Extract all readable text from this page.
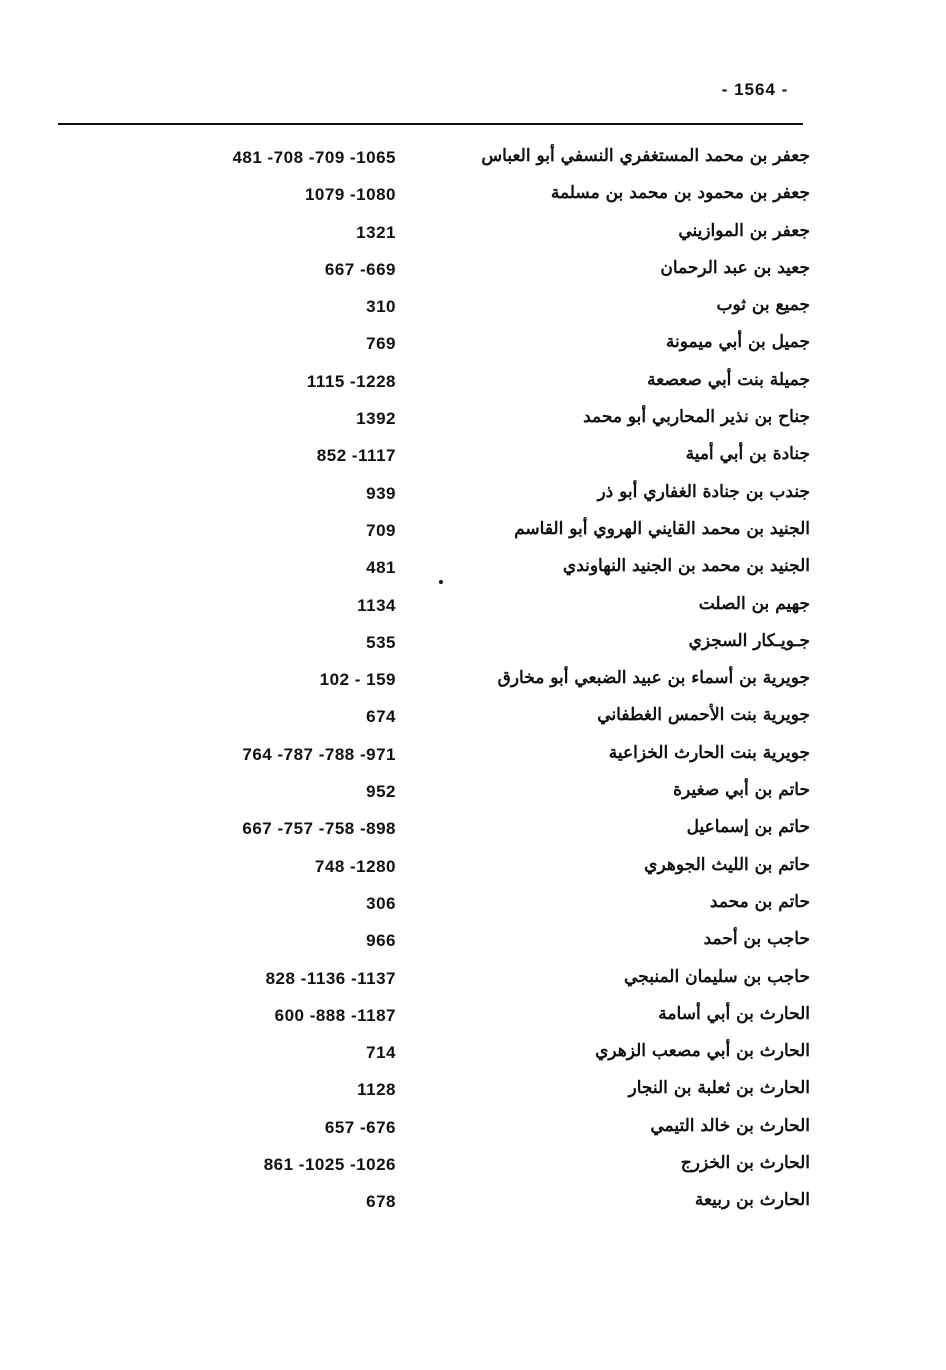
- 1564 -
جعفر بن محمد المستغفري النسفي أبو العباس
481 -708 -709 -1065
جعفر بن محمود بن محمد بن مسلمة
1079 -1080
جعفر بن الموازيني
1321
جعيد بن عبد الرحمان
667 -669
جميع بن ثوب
310
جميل بن أبي ميمونة
769
جميلة بنت أبي صعصعة
1115 -1228
جناح بن نذير المحاربي أبو محمد
1392
جنادة بن أبي أمية
852 -1117
جندب بن جنادة الغفاري أبو ذر
939
الجنيد بن محمد القايني الهروي أبو القاسم
709
الجنيد بن محمد بن الجنيد النهاوندي
481
جهيم بن الصلت
1134
جـويـكار السجزي
535
جويرية بن أسماء بن عبيد الضبعي أبو مخارق
102 - 159
جويرية بنت الأحمس الغطفاني
674
جويرية بنت الحارث الخزاعية
764 -787 -788 -971
حاتم بن أبي صغيرة
952
حاتم بن إسماعيل
667 -757 -758 -898
حاتم بن الليث الجوهري
748 -1280
حاتم بن محمد
306
حاجب بن أحمد
966
حاجب بن سليمان المنبجي
828 -1136 -1137
الحارث بن أبي أسامة
600 -888 -1187
الحارث بن أبي مصعب الزهري
714
الحارث بن ثعلبة بن النجار
1128
الحارث بن خالد التيمي
657 -676
الحارث بن الخزرج
861 -1025 -1026
الحارث بن ربيعة
678
